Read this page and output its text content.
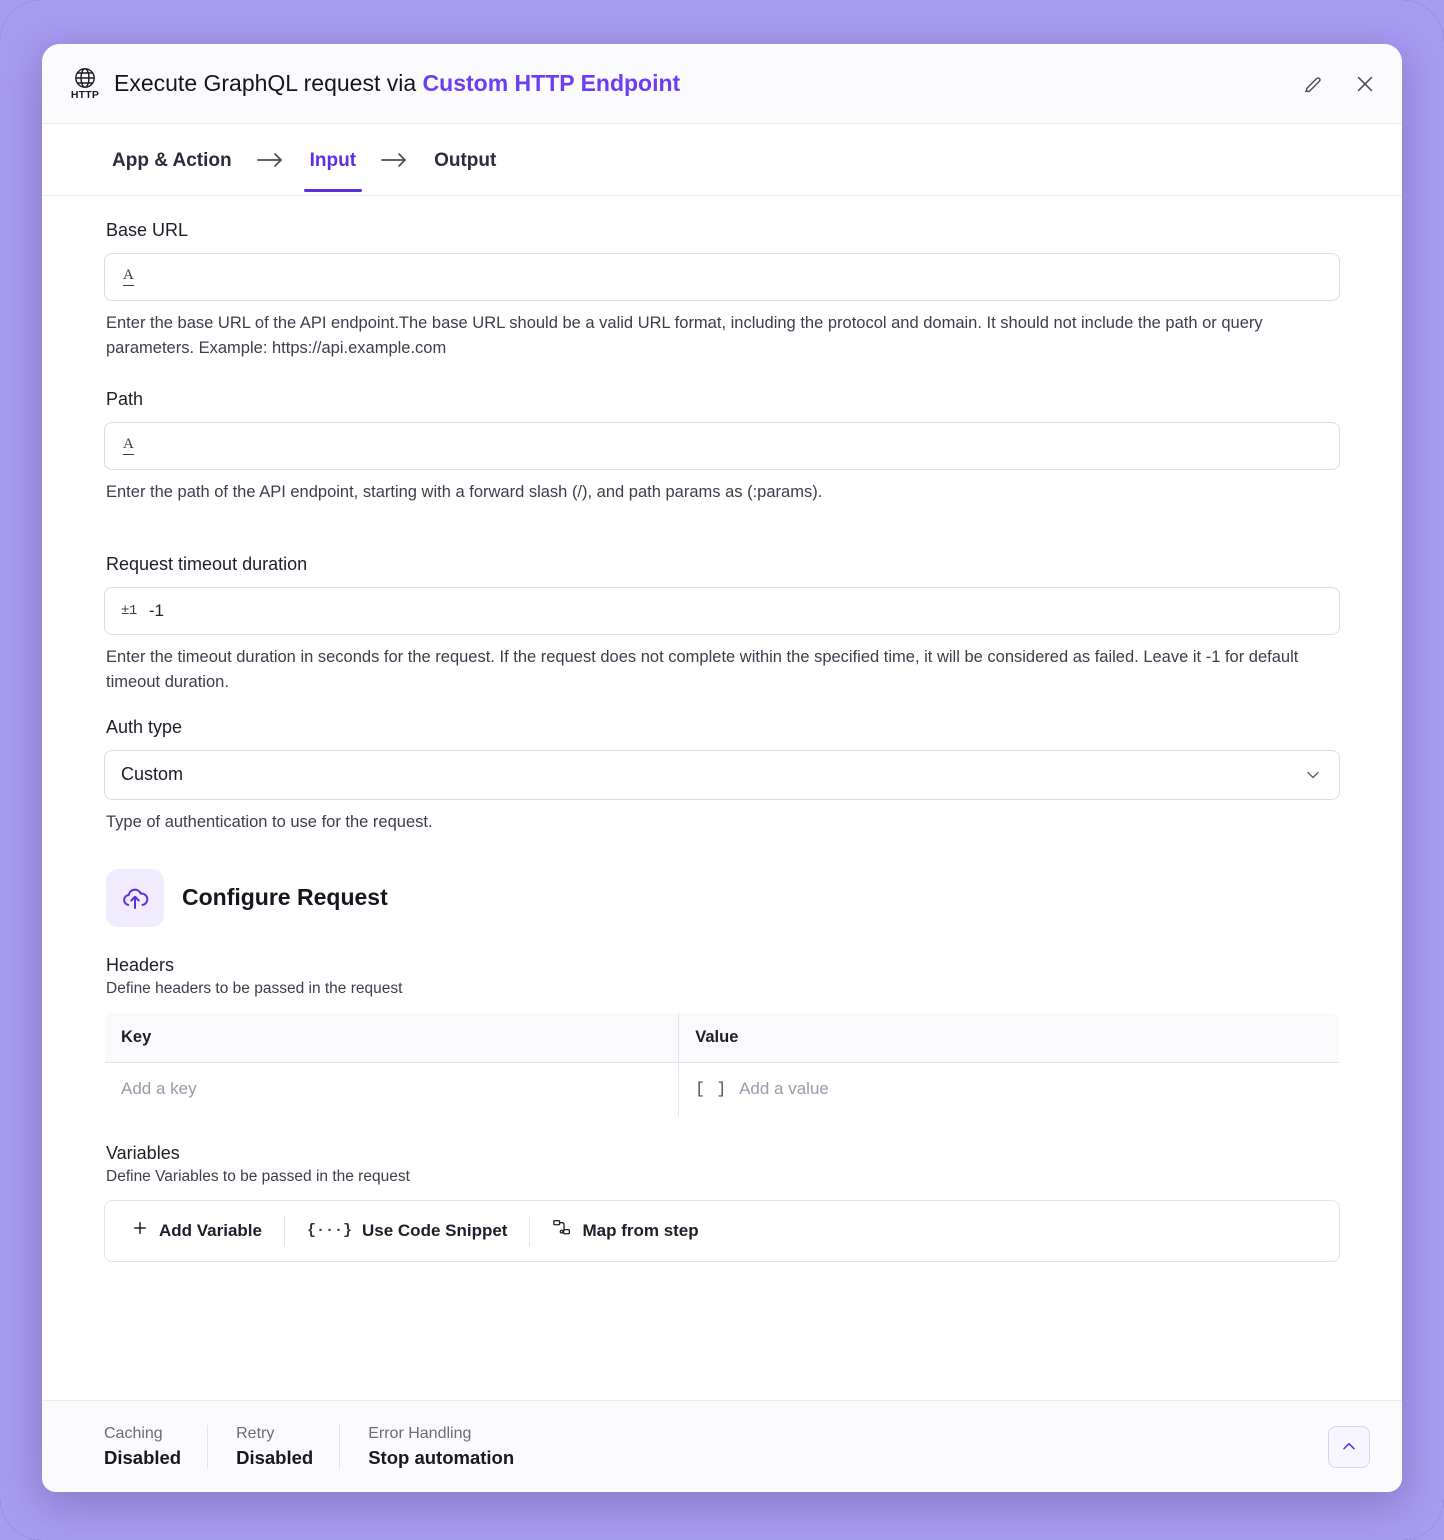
HTTP Execute GraphQL request via Custom HTTP Endpoint
App & Action	Input	Output
Base URL
A
Enter the base URL of the API endpoint.The base URL should be a valid URL format, including the protocol and domain. It should not include the path or query parameters. Example: https://api.example.com
Path
A
Enter the path of the API endpoint, starting with a forward slash (/), and path params as (:params).
Request timeout duration
±1 -1
Enter the timeout duration in seconds for the request. If the request does not complete within the specified time, it will be considered as failed. Leave it -1 for default timeout duration.
Auth type
Custom
Type of authentication to use for the request.
Configure Request
Headers
Define headers to be passed in the request
Key	Value
Add a key	[ ] Add a value
Variables
Define Variables to be passed in the request
Add Variable	{···} Use Code Snippet	Map from step
Caching
Disabled
Retry
Disabled
Error Handling
Stop automation
